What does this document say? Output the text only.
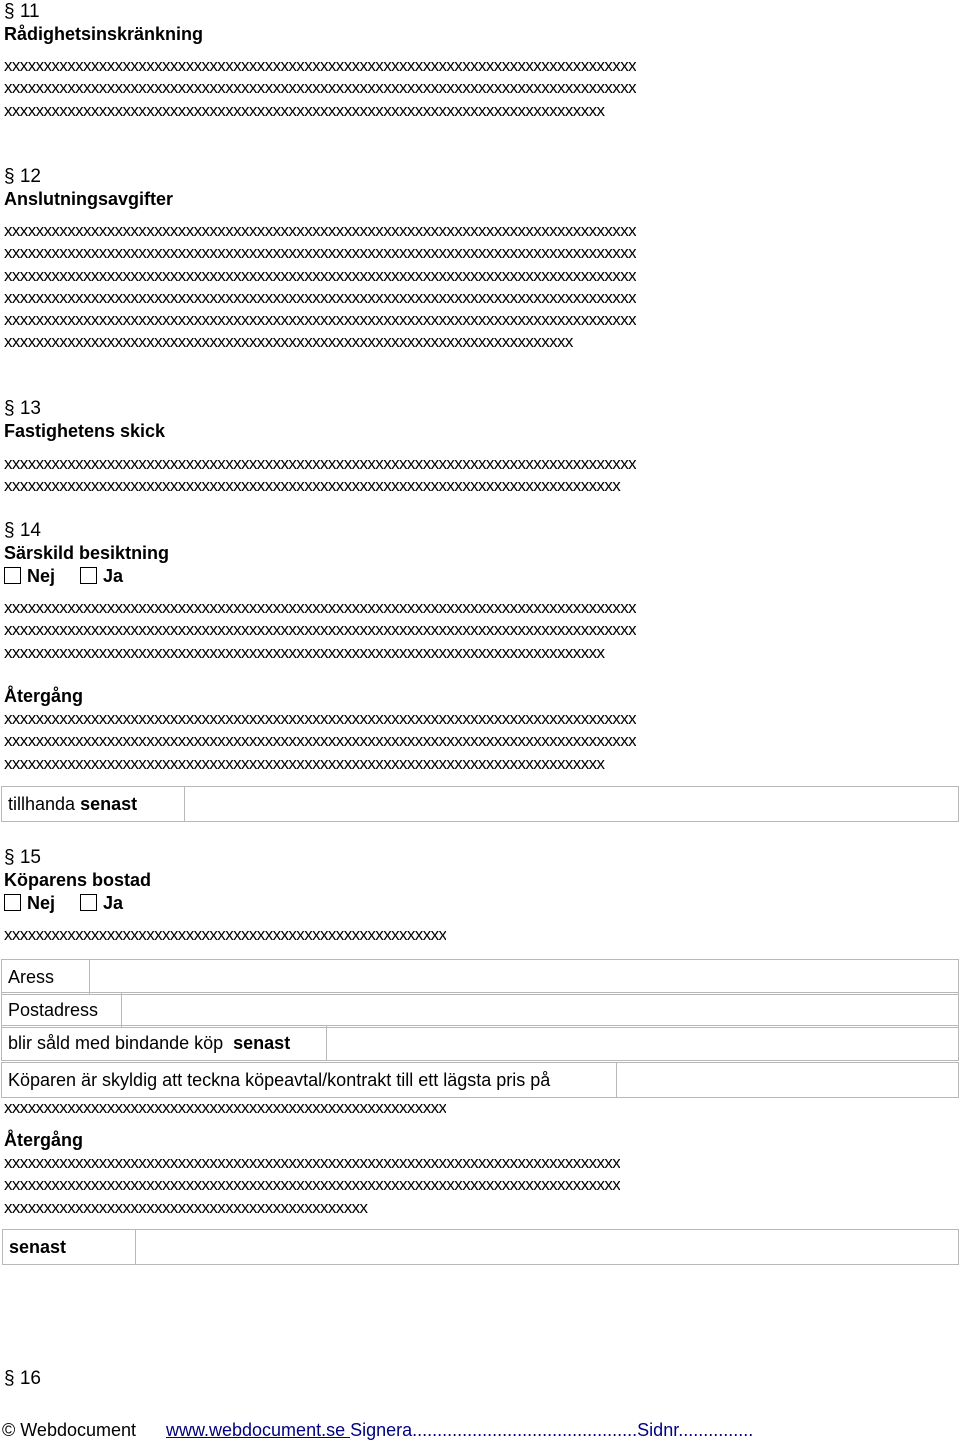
§ 11
Rådighetsinskränkning
xxxxxxxxxxxxxxxxxxxxxxxxxxxxxxxxxxxxxxxxxxxxxxxxxxxxxxxxxxxxxxxxxxxxxxxxxxxxxxxx
xxxxxxxxxxxxxxxxxxxxxxxxxxxxxxxxxxxxxxxxxxxxxxxxxxxxxxxxxxxxxxxxxxxxxxxxxxxxxxxx
xxxxxxxxxxxxxxxxxxxxxxxxxxxxxxxxxxxxxxxxxxxxxxxxxxxxxxxxxxxxxxxxxxxxxxxxxxxx
§ 12
Anslutningsavgifter
xxxxxxxxxxxxxxxxxxxxxxxxxxxxxxxxxxxxxxxxxxxxxxxxxxxxxxxxxxxxxxxxxxxxxxxxxxxxxxxx
xxxxxxxxxxxxxxxxxxxxxxxxxxxxxxxxxxxxxxxxxxxxxxxxxxxxxxxxxxxxxxxxxxxxxxxxxxxxxxxx
xxxxxxxxxxxxxxxxxxxxxxxxxxxxxxxxxxxxxxxxxxxxxxxxxxxxxxxxxxxxxxxxxxxxxxxxxxxxxxxx
xxxxxxxxxxxxxxxxxxxxxxxxxxxxxxxxxxxxxxxxxxxxxxxxxxxxxxxxxxxxxxxxxxxxxxxxxxxxxxxx
xxxxxxxxxxxxxxxxxxxxxxxxxxxxxxxxxxxxxxxxxxxxxxxxxxxxxxxxxxxxxxxxxxxxxxxxxxxxxxxx
xxxxxxxxxxxxxxxxxxxxxxxxxxxxxxxxxxxxxxxxxxxxxxxxxxxxxxxxxxxxxxxxxxxxxxxx
§ 13
Fastighetens skick
xxxxxxxxxxxxxxxxxxxxxxxxxxxxxxxxxxxxxxxxxxxxxxxxxxxxxxxxxxxxxxxxxxxxxxxxxxxxxxxx
xxxxxxxxxxxxxxxxxxxxxxxxxxxxxxxxxxxxxxxxxxxxxxxxxxxxxxxxxxxxxxxxxxxxxxxxxxxxxx
§ 14
Särskild besiktning
Nej	Ja
xxxxxxxxxxxxxxxxxxxxxxxxxxxxxxxxxxxxxxxxxxxxxxxxxxxxxxxxxxxxxxxxxxxxxxxxxxxxxxxx
xxxxxxxxxxxxxxxxxxxxxxxxxxxxxxxxxxxxxxxxxxxxxxxxxxxxxxxxxxxxxxxxxxxxxxxxxxxxxxxx
xxxxxxxxxxxxxxxxxxxxxxxxxxxxxxxxxxxxxxxxxxxxxxxxxxxxxxxxxxxxxxxxxxxxxxxxxxxx
Återgång
xxxxxxxxxxxxxxxxxxxxxxxxxxxxxxxxxxxxxxxxxxxxxxxxxxxxxxxxxxxxxxxxxxxxxxxxxxxxxxxx
xxxxxxxxxxxxxxxxxxxxxxxxxxxxxxxxxxxxxxxxxxxxxxxxxxxxxxxxxxxxxxxxxxxxxxxxxxxxxxxx
xxxxxxxxxxxxxxxxxxxxxxxxxxxxxxxxxxxxxxxxxxxxxxxxxxxxxxxxxxxxxxxxxxxxxxxxxxxx
tillhanda senast	
§ 15
Köparens bostad
Nej	Ja
xxxxxxxxxxxxxxxxxxxxxxxxxxxxxxxxxxxxxxxxxxxxxxxxxxxxxxxx
Aress	
Postadress	
blir såld med bindande köp senast	
Köparen är skyldig att teckna köpeavtal/kontrakt till ett lägsta pris på	
xxxxxxxxxxxxxxxxxxxxxxxxxxxxxxxxxxxxxxxxxxxxxxxxxxxxxxxx
Återgång
xxxxxxxxxxxxxxxxxxxxxxxxxxxxxxxxxxxxxxxxxxxxxxxxxxxxxxxxxxxxxxxxxxxxxxxxxxxxxx
xxxxxxxxxxxxxxxxxxxxxxxxxxxxxxxxxxxxxxxxxxxxxxxxxxxxxxxxxxxxxxxxxxxxxxxxxxxxxx
xxxxxxxxxxxxxxxxxxxxxxxxxxxxxxxxxxxxxxxxxxxxxx
senast	
§ 16
© Webdocument www.webdocument.se Signera.............................................Sidnr...............
